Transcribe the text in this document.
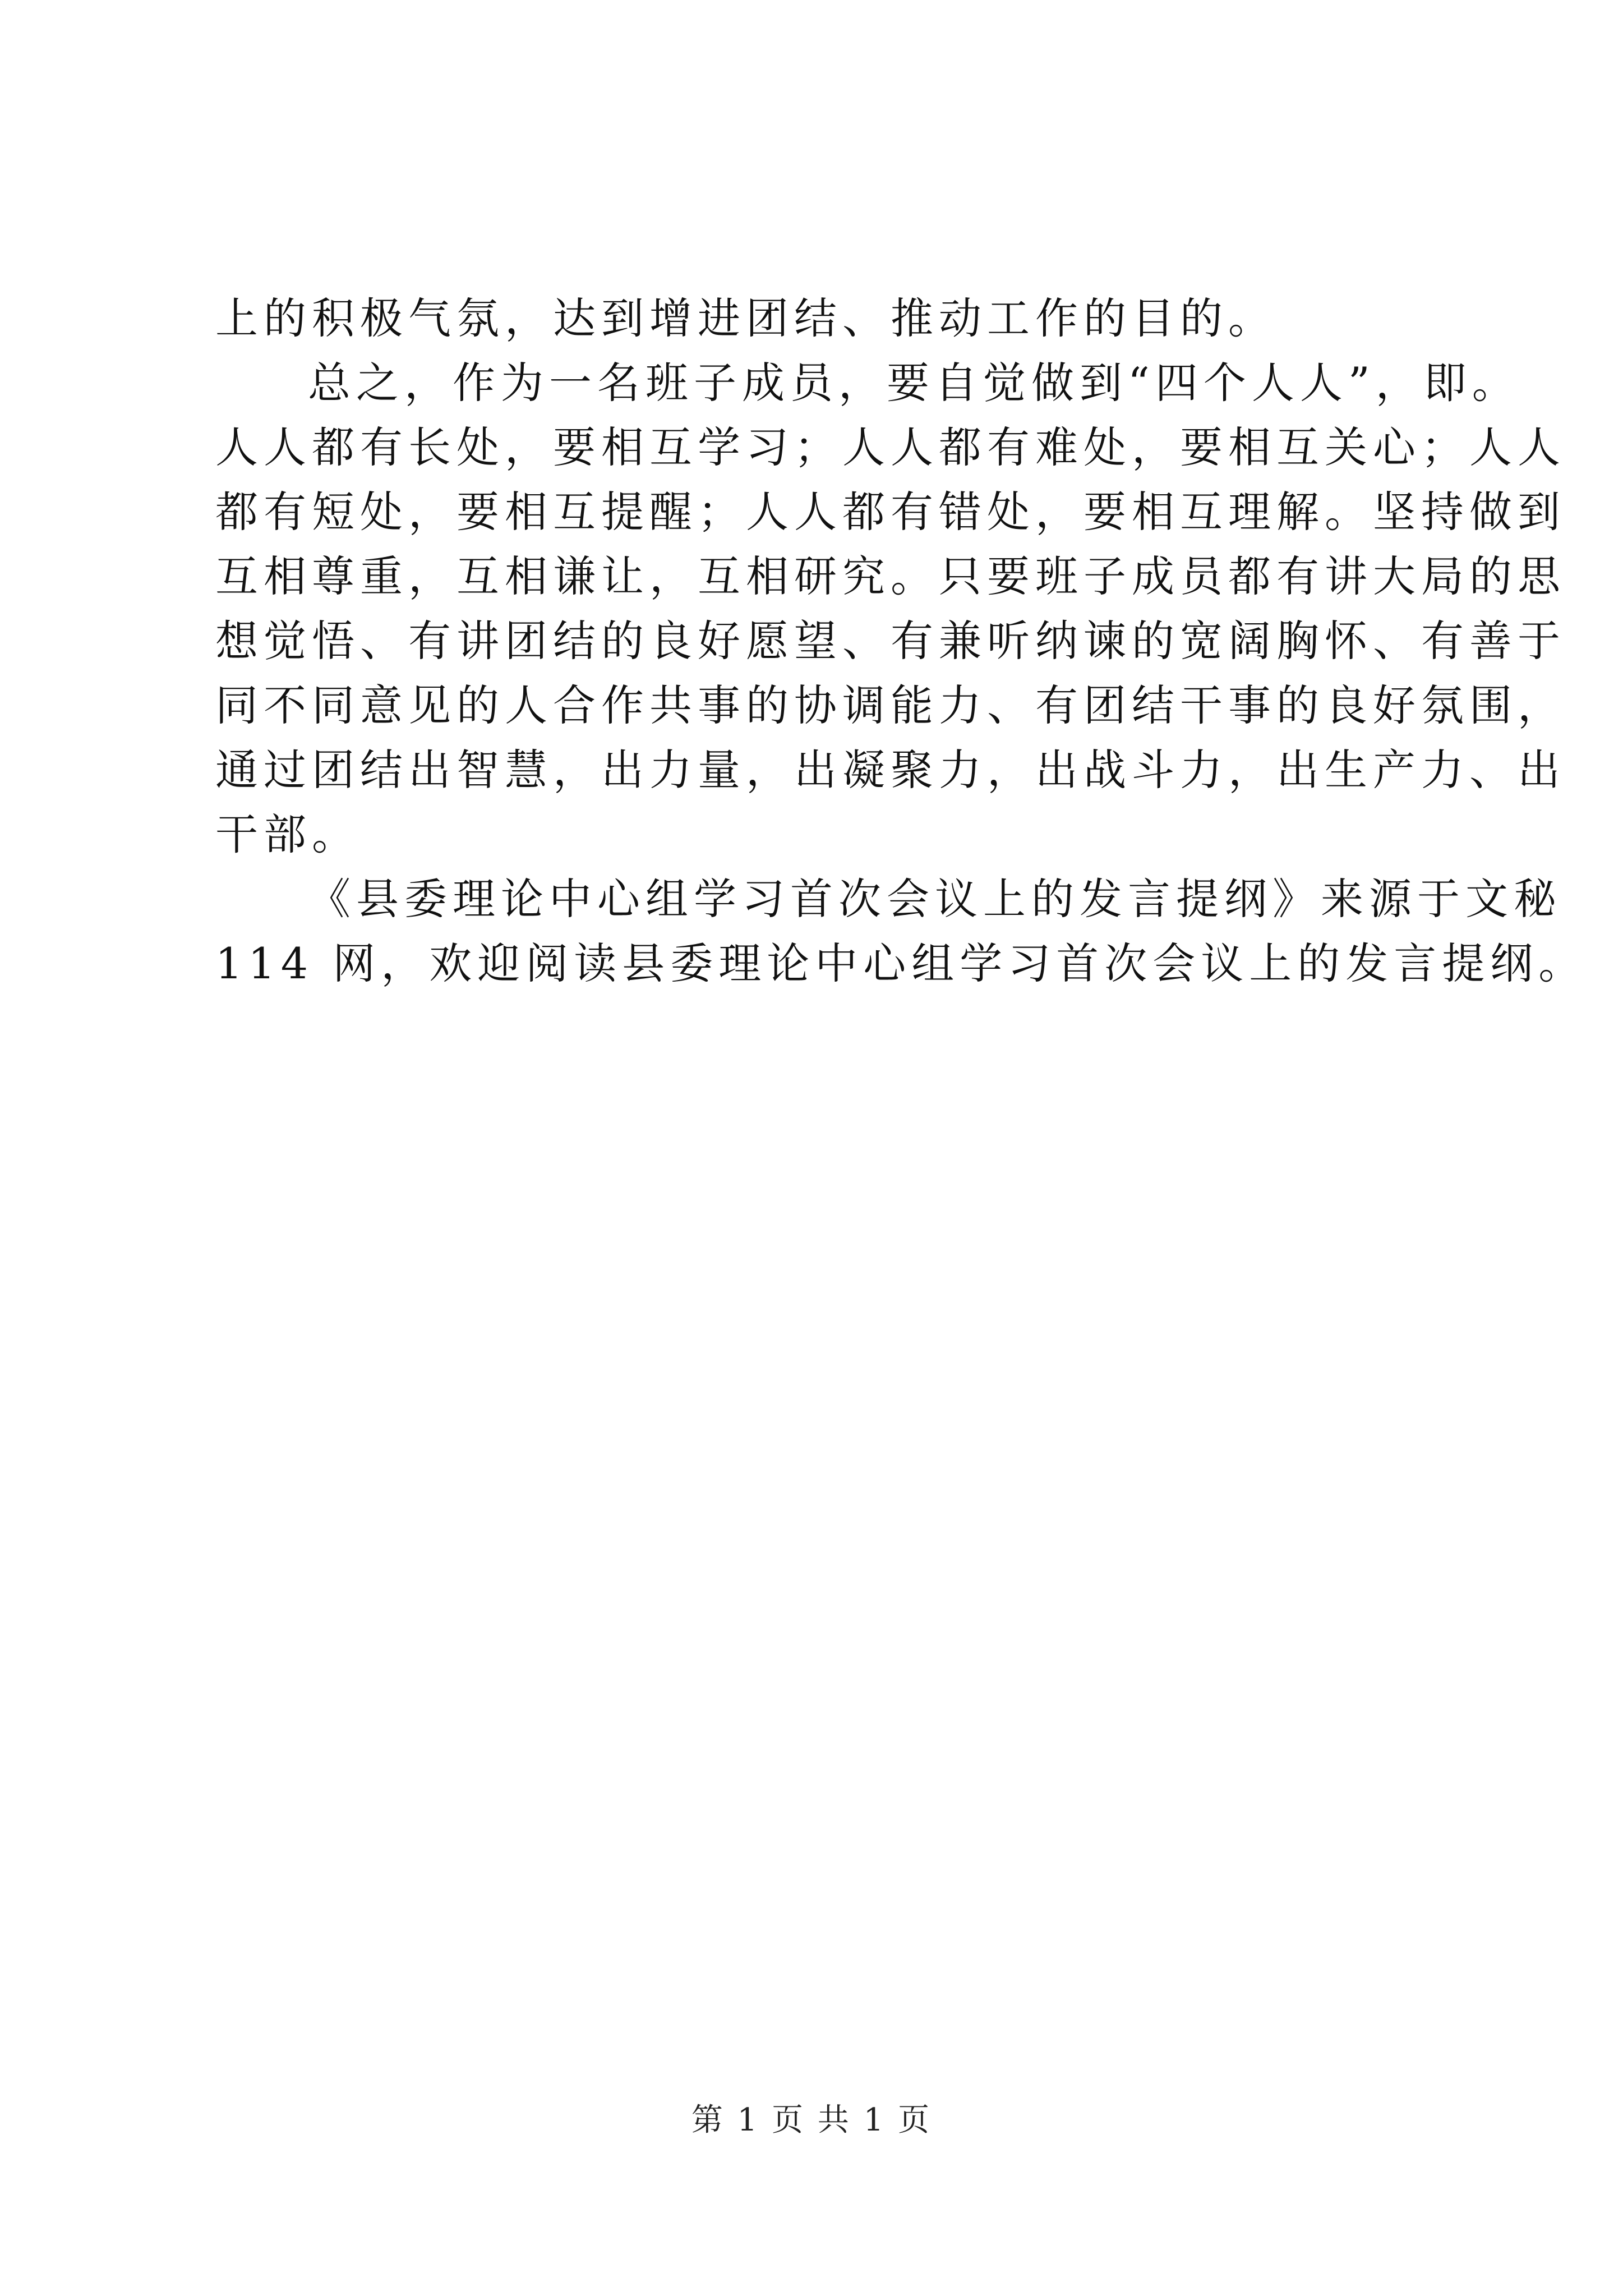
上的积极气氛，达到增进团结、推动工作的目的。
总之，作为一名班子成员，要自觉做到“四个人人”，即。
人人都有长处，要相互学习；人人都有难处，要相互关心；人人
都有短处，要相互提醒；人人都有错处，要相互理解。坚持做到
互相尊重，互相谦让，互相研究。只要班子成员都有讲大局的思
想觉悟、有讲团结的良好愿望、有兼听纳谏的宽阔胸怀、有善于
同不同意见的人合作共事的协调能力、有团结干事的良好氛围，
通过团结出智慧，出力量，出凝聚力，出战斗力，出生产力、出
干部。
《县委理论中心组学习首次会议上的发言提纲》来源于文秘
114 网，欢迎阅读县委理论中心组学习首次会议上的发言提纲。
第 1 页 共 1 页
